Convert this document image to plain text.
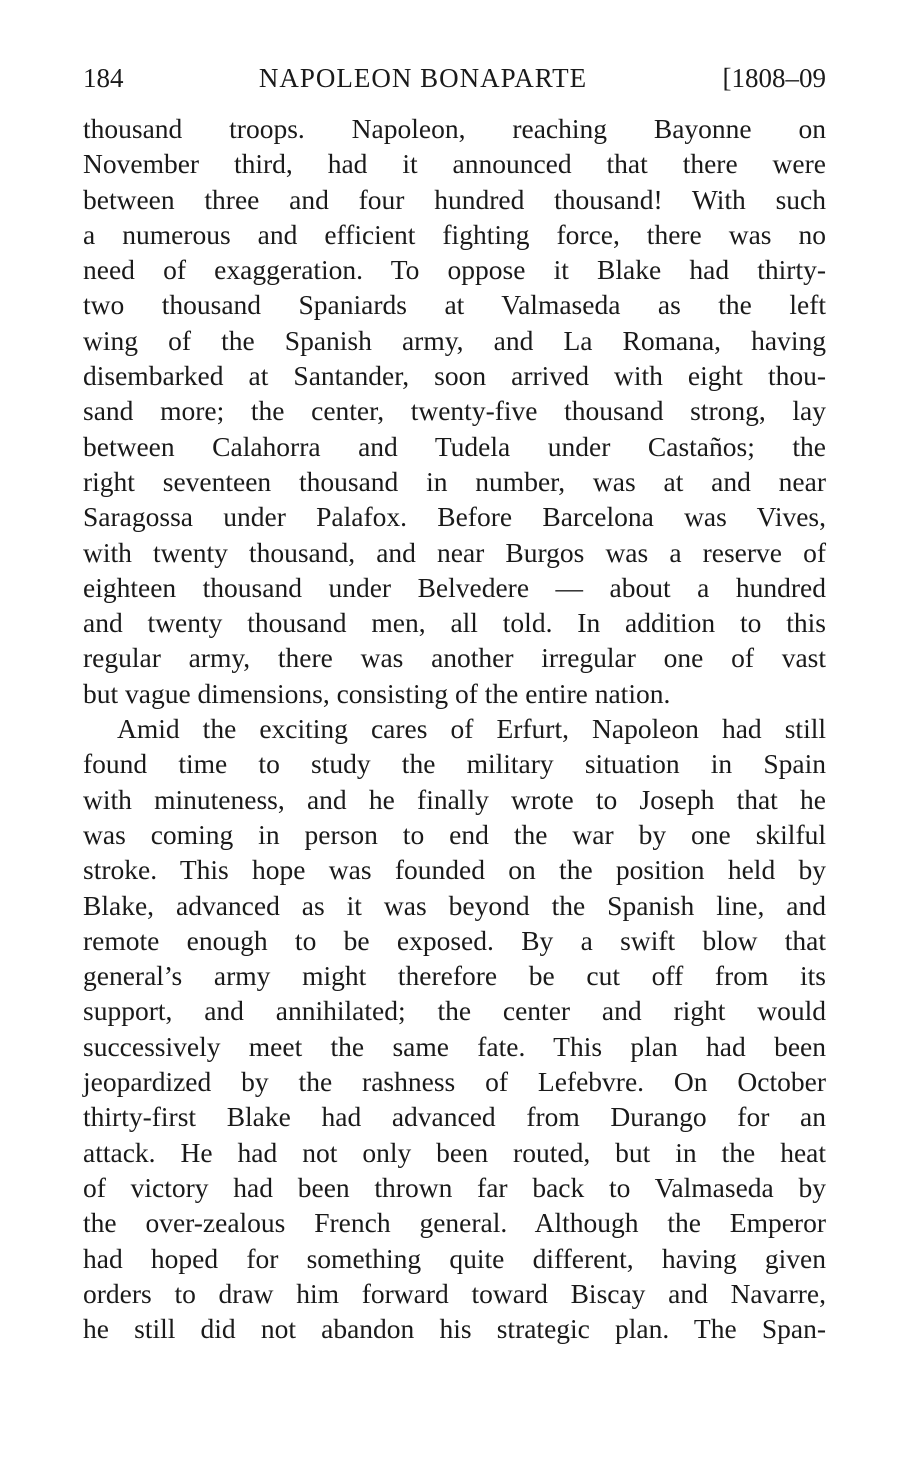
184	NAPOLEON BONAPARTE	[1808–09
thousand troops. Napoleon, reaching Bayonne on
November third, had it announced that there were
between three and four hundred thousand! With such
a numerous and efficient fighting force, there was no
need of exaggeration. To oppose it Blake had thirty-
two thousand Spaniards at Valmaseda as the left
wing of the Spanish army, and La Romana, having
disembarked at Santander, soon arrived with eight thou-
sand more; the center, twenty-five thousand strong, lay
between Calahorra and Tudela under Castaños; the
right seventeen thousand in number, was at and near
Saragossa under Palafox. Before Barcelona was Vives,
with twenty thousand, and near Burgos was a reserve of
eighteen thousand under Belvedere — about a hundred
and twenty thousand men, all told. In addition to this
regular army, there was another irregular one of vast
but vague dimensions, consisting of the entire nation.
Amid the exciting cares of Erfurt, Napoleon had still
found time to study the military situation in Spain
with minuteness, and he finally wrote to Joseph that he
was coming in person to end the war by one skilful
stroke. This hope was founded on the position held by
Blake, advanced as it was beyond the Spanish line, and
remote enough to be exposed. By a swift blow that
general’s army might therefore be cut off from its
support, and annihilated; the center and right would
successively meet the same fate. This plan had been
jeopardized by the rashness of Lefebvre. On October
thirty-first Blake had advanced from Durango for an
attack. He had not only been routed, but in the heat
of victory had been thrown far back to Valmaseda by
the over-zealous French general. Although the Emperor
had hoped for something quite different, having given
orders to draw him forward toward Biscay and Navarre,
he still did not abandon his strategic plan. The Span-
